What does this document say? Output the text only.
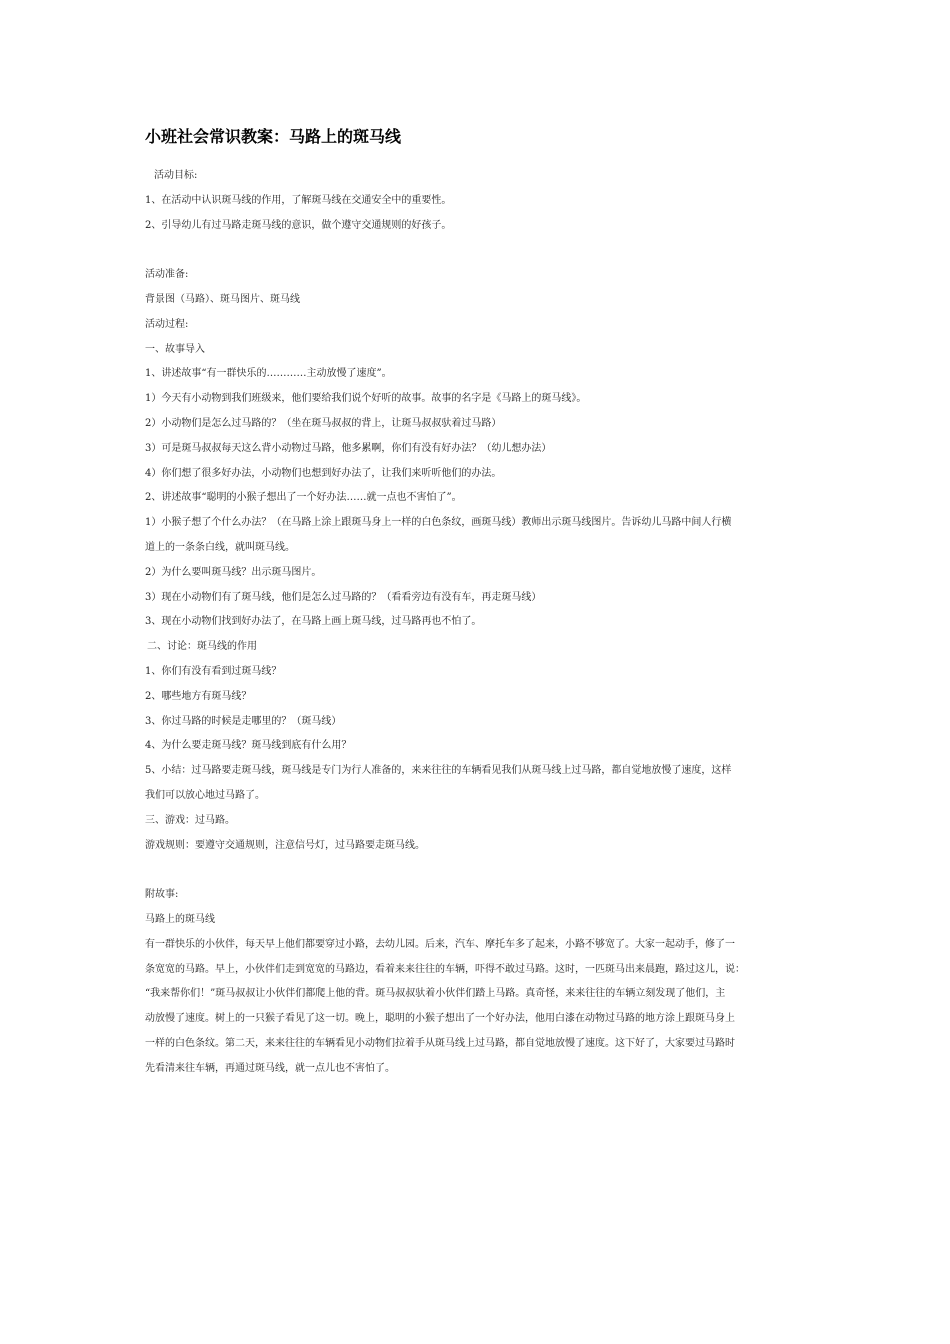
小班社会常识教案：马路上的斑马线

活动目标:

1、在活动中认识斑马线的作用，了解斑马线在交通安全中的重要性。

2、引导幼儿有过马路走斑马线的意识，做个遵守交通规则的好孩子。

活动准备:

背景图（马路）、斑马图片、斑马线

活动过程:

一、故事导入

1、讲述故事“有一群快乐的…………主动放慢了速度”。

1）今天有小动物到我们班级来，他们要给我们说个好听的故事。故事的名字是《马路上的斑马线》。

2）小动物们是怎么过马路的？（坐在斑马叔叔的背上，让斑马叔叔驮着过马路）

3）可是斑马叔叔每天这么背小动物过马路，他多累啊，你们有没有好办法？（幼儿想办法）

4）你们想了很多好办法，小动物们也想到好办法了，让我们来听听他们的办法。

2、讲述故事“聪明的小猴子想出了一个好办法……就一点也不害怕了”。

1）小猴子想了个什么办法？（在马路上涂上跟斑马身上一样的白色条纹，画斑马线）教师出示斑马线图片。告诉幼儿马路中间人行横

道上的一条条白线，就叫斑马线。

2）为什么要叫斑马线？出示斑马图片。

3）现在小动物们有了斑马线，他们是怎么过马路的？（看看旁边有没有车，再走斑马线）

3、现在小动物们找到好办法了，在马路上画上斑马线，过马路再也不怕了。

二、讨论：斑马线的作用

1、你们有没有看到过斑马线？

2、哪些地方有斑马线？

3、你过马路的时候是走哪里的？（斑马线）

4、为什么要走斑马线？斑马线到底有什么用？

5、小结：过马路要走斑马线，斑马线是专门为行人准备的，来来往往的车辆看见我们从斑马线上过马路，都自觉地放慢了速度，这样

我们可以放心地过马路了。

三、游戏：过马路。

游戏规则：要遵守交通规则，注意信号灯，过马路要走斑马线。

附故事:

马路上的斑马线

有一群快乐的小伙伴，每天早上他们都要穿过小路，去幼儿园。后来，汽车、摩托车多了起来，小路不够宽了。大家一起动手，修了一

条宽宽的马路。早上，小伙伴们走到宽宽的马路边，看着来来往往的车辆，吓得不敢过马路。这时，一匹斑马出来晨跑，路过这儿，说：

“我来帮你们！”斑马叔叔让小伙伴们都爬上他的背。斑马叔叔驮着小伙伴们踏上马路。真奇怪，来来往往的车辆立刻发现了他们，主

动放慢了速度。树上的一只猴子看见了这一切。晚上，聪明的小猴子想出了一个好办法，他用白漆在动物过马路的地方涂上跟斑马身上

一样的白色条纹。第二天，来来往往的车辆看见小动物们拉着手从斑马线上过马路，都自觉地放慢了速度。这下好了，大家要过马路时

先看清来往车辆，再通过斑马线，就一点儿也不害怕了。
